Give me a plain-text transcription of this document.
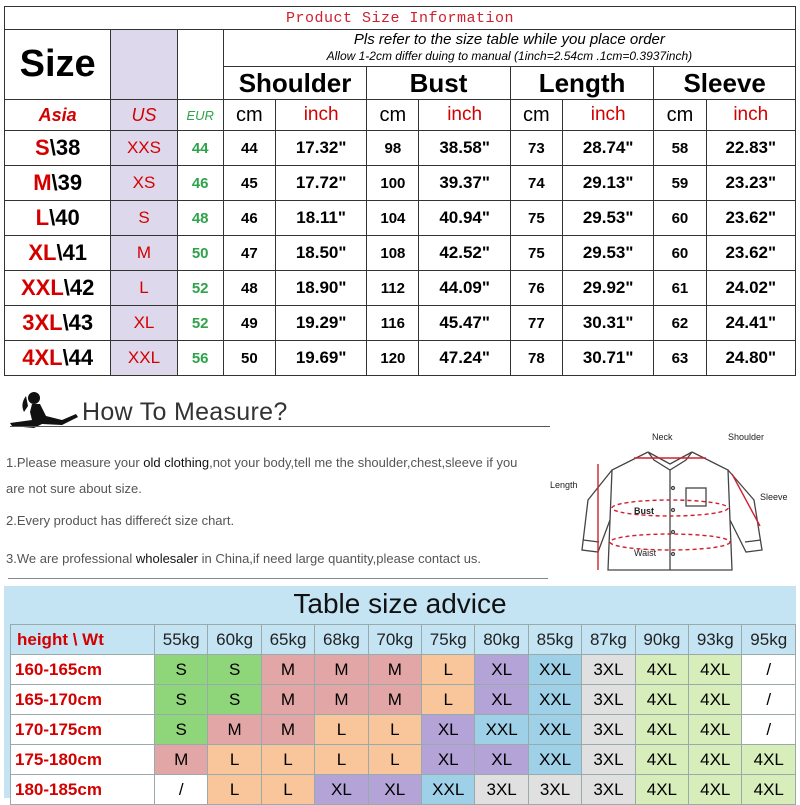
Product Size Information										
Size			Pls refer to the size table while you place order
Allow 1-2cm differ duing to manual (1inch=2.54cm .1cm=0.3937inch)							

			Shoulder		Bust		Length		Sleeve	
Asia	US	EUR	cm	inch	cm	inch	cm	inch	cm	inch
S\38	XXS	44	44	17.32"	98	38.58"	73	28.74"	58	22.83"
M\39	XS	46	45	17.72"	100	39.37"	74	29.13"	59	23.23"
L\40	S	48	46	18.11"	104	40.94"	75	29.53"	60	23.62"
XL\41	M	50	47	18.50"	108	42.52"	75	29.53"	60	23.62"
XXL\42	L	52	48	18.90"	112	44.09"	76	29.92"	61	24.02"
3XL\43	XL	52	49	19.29"	116	45.47"	77	30.31"	62	24.41"
4XL\44	XXL	56	50	19.69"	120	47.24"	78	30.71"	63	24.80"
How To Measure?
1.Please measure your old clothing,not your body,tell me the shoulder,chest,sleeve if you
are not sure about size.
2.Every product has differećt size chart.
3.We are professional wholesaler in China,if need large quantity,please contact us.
Neck	Shoulder
Length
Bust
Sleeve
Waist
Table size advice
height \ Wt	55kg	60kg	65kg	68kg	70kg	75kg	80kg	85kg	87kg	90kg	93kg	95kg
160-165cm	S	S	M	M	M	L	XL	XXL	3XL	4XL	4XL	/
165-170cm	S	S	M	M	M	L	XL	XXL	3XL	4XL	4XL	/
170-175cm	S	M	M	L	L	XL	XXL	XXL	3XL	4XL	4XL	/
175-180cm	M	L	L	L	L	XL	XL	XXL	3XL	4XL	4XL	4XL
180-185cm	/	L	L	XL	XL	XXL	3XL	3XL	3XL	4XL	4XL	4XL
